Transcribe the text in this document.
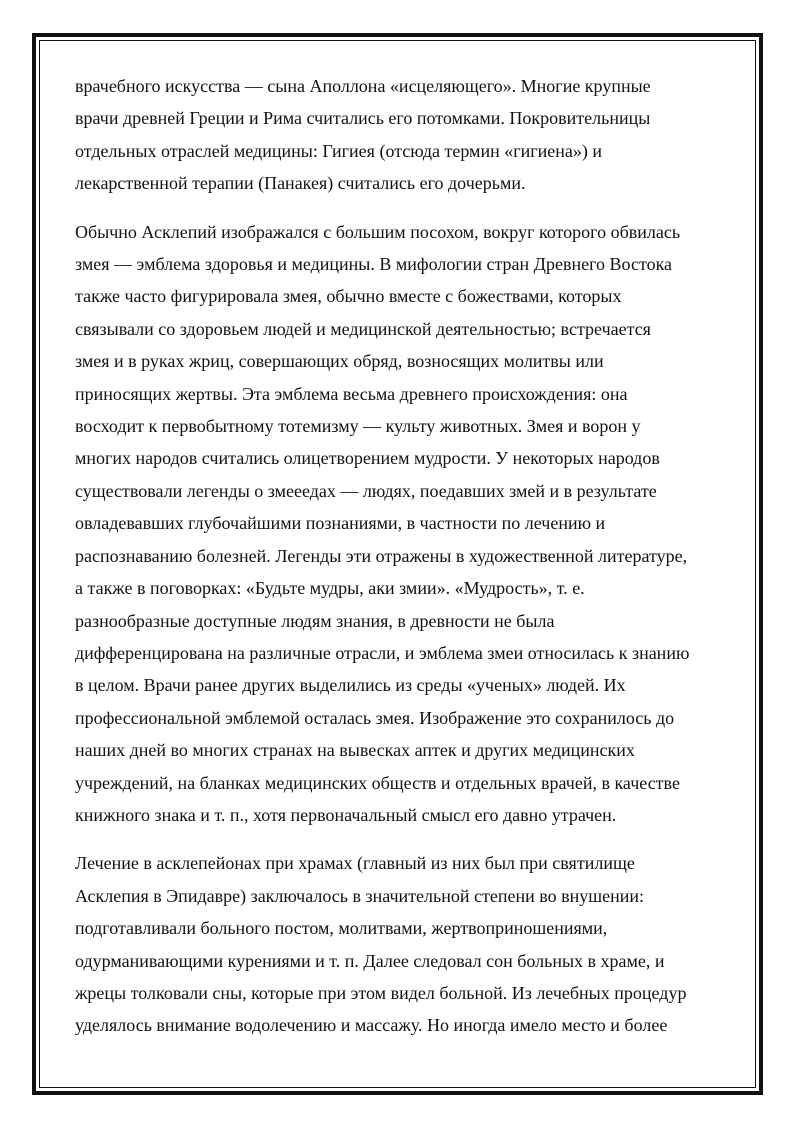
врачебного искусства — сына Аполлона «исцеляющего». Многие крупные
врачи древней Греции и Рима считались его потомками. Покровительницы
отдельных отраслей медицины: Гигиея (отсюда термин «гигиена») и
лекарственной терапии (Панакея) считались его дочерьми.

Обычно Асклепий изображался с большим посохом, вокруг которого обвилась
змея — эмблема здоровья и медицины. В мифологии стран Древнего Востока
также часто фигурировала змея, обычно вместе с божествами, которых
связывали со здоровьем людей и медицинской деятельностью; встречается
змея и в руках жриц, совершающих обряд, возносящих молитвы или
приносящих жертвы. Эта эмблема весьма древнего происхождения: она
восходит к первобытному тотемизму — культу животных. Змея и ворон у
многих народов считались олицетворением мудрости. У некоторых народов
существовали легенды о змееедах — людях, поедавших змей и в результате
овладевавших глубочайшими познаниями, в частности по лечению и
распознаванию болезней. Легенды эти отражены в художественной литературе,
а также в поговорках: «Будьте мудры, аки змии». «Мудрость», т. е.
разнообразные доступные людям знания, в древности не была
дифференцирована на различные отрасли, и эмблема змеи относилась к знанию
в целом. Врачи ранее других выделились из среды «ученых» людей. Их
профессиональной эмблемой осталась змея. Изображение это сохранилось до
наших дней во многих странах на вывесках аптек и других медицинских
учреждений, на бланках медицинских обществ и отдельных врачей, в качестве
книжного знака и т. п., хотя первоначальный смысл его давно утрачен.

Лечение в асклепейонах при храмах (главный из них был при святилище
Асклепия в Эпидавре) заключалось в значительной степени во внушении:
подготавливали больного постом, молитвами, жертвоприношениями,
одурманивающими курениями и т. п. Далее следовал сон больных в храме, и
жрецы толковали сны, которые при этом видел больной. Из лечебных процедур
уделялось внимание водолечению и массажу. Но иногда имело место и более
